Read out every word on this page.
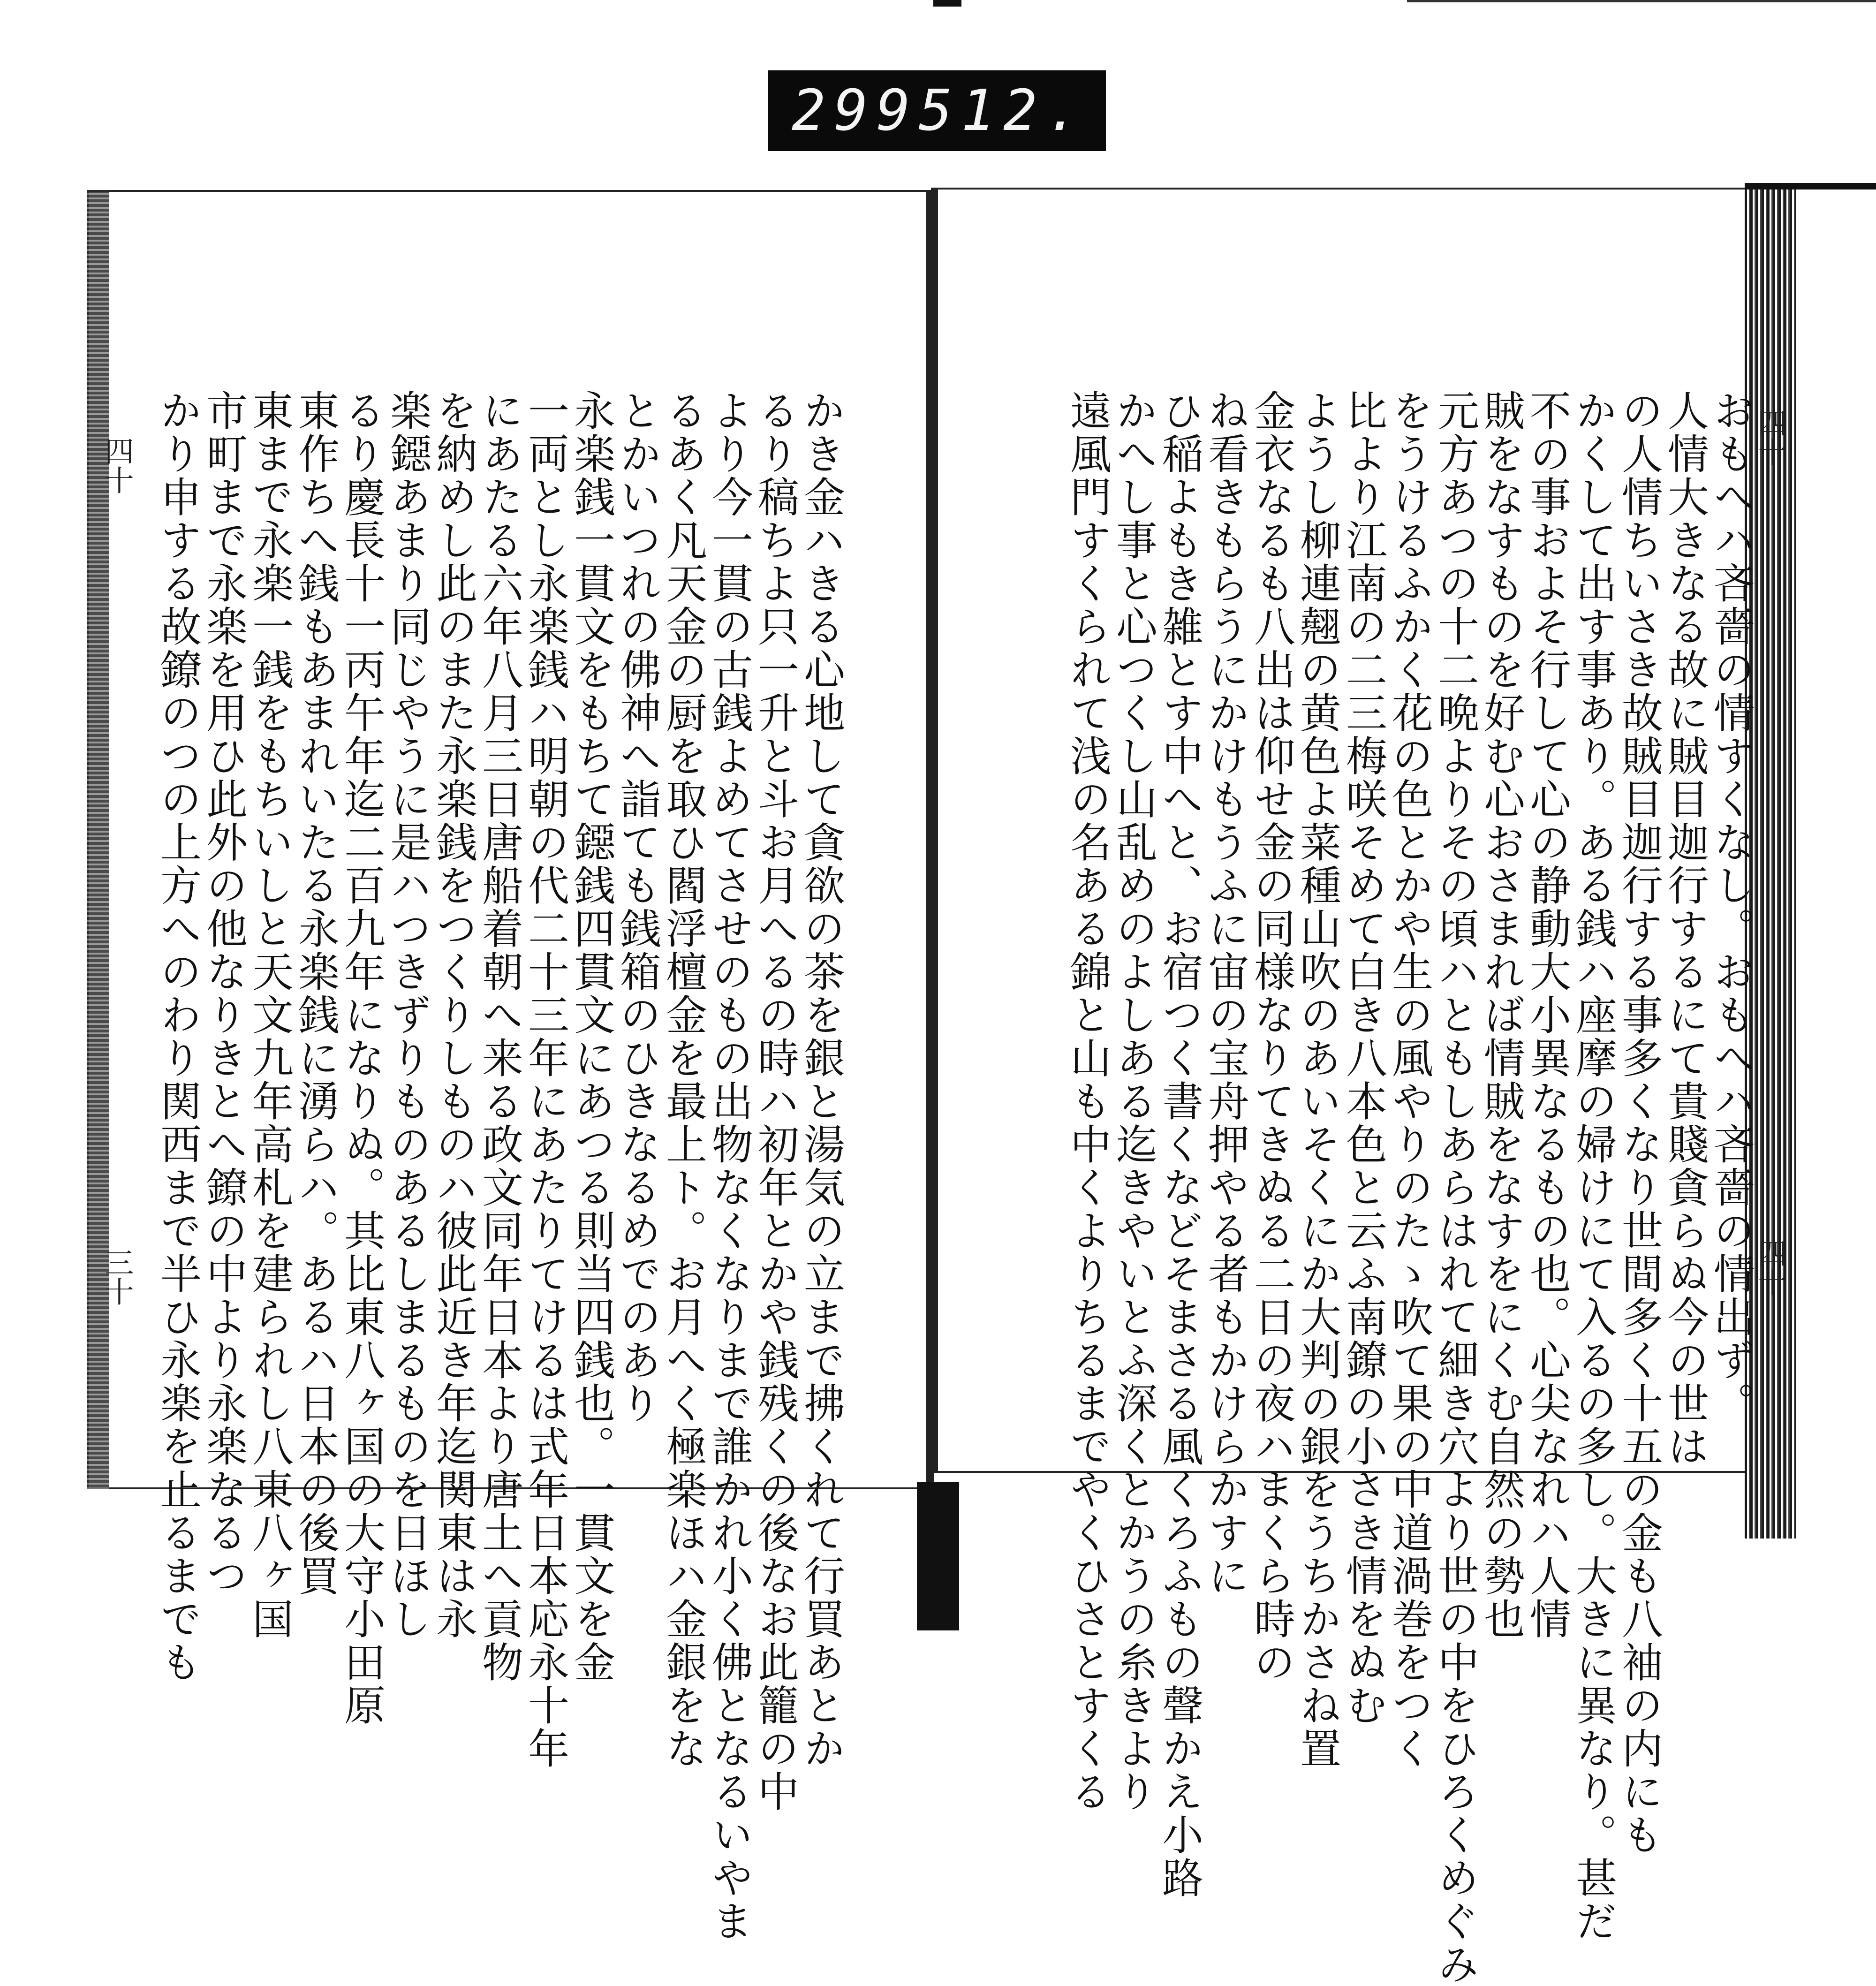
299 512.
四十
四十
四十
三十	おもへハ吝嗇の情すくなし。おもへハ吝嗇の情出ず。
人情大きなる故に賊目迦行するにて貴賤貪らぬ今の世は
の人情ちいさき故賊目迦行する事多くなり世間多く十五の金も八袖の内にも
かくして出す事あり。ある銭ハ座摩の婦けにて入るの多し。大きに異なり。甚だ
不の事およそ行して心の静動大小異なるもの也。心尖なれハ人情
賊をなすものを好む心おさまれば情賊をなすをにくむ自然の勢也
元方あつの十二晩よりその頃ハともしあらはれて細き穴より世の中をひろくめぐみ
をうけるふかく花の色とかや生の風やりのたゝ吹て果の中道渦巻をつく
比より江南の二三梅咲そめて白き八本色と云ふ南鐐の小さき情をぬむ
ようし柳連翹の黄色よ菜種山吹のあいそくにか大判の銀をうちかさね置
金衣なるも八出は仰せ金の同様なりてきぬる二日の夜ハまくら時の
ね看きもらうにかけもうふに宙の宝舟押やる者もかけらかすに
ひ稲よもき雑とす中へと、お宿つく書くなどそまさる風くろふもの聲かえ小路
かへし事と心つくし山乱めのよしある迄きやいとふ深くとかうの糸きより
遠風門すくられて浅の名ある錦と山も中くよりちるまでやくひさとすくる
かき金ハきる心地して貪欲の茶を銀と湯気の立まで拂くれて行買あとか
るり稿ちよ只一升と斗お月へるの時ハ初年とかや銭残くの後なお此籠の中
より今一貫の古銭よめてさせのもの出物なくなりまで誰かれ小く佛となるいやま
るあく凡天金の厨を取ひ閻浮檀金を最上ト。お月へく極楽ほハ金銀をな
とかいつれの佛神へ詣ても銭箱のひきなるめでのあり
永楽銭一貫文をもちて鐚銭四貫文にあつる則当四銭也。一貫文を金
一両とし永楽銭ハ明朝の代二十三年にあたりてけるは式年日本応永十年
にあたる六年八月三日唐船着朝へ来る政文同年日本より唐土へ貢物
を納めし此のまた永楽銭をつくりしものハ彼此近き年迄関東は永
楽鐚あまり同じやうに是ハつきずりものあるしまるものを日ほし
るり慶長十一丙午年迄二百九年になりぬ。其比東八ヶ国の大守小田原
東作ちへ銭もあまれいたる永楽銭に湧らハ。あるハ日本の後買
東まで永楽一銭をもちいしと天文九年高札を建られし八東八ヶ国
市町まで永楽を用ひ此外の他なりきとへ鐐の中より永楽なるつ
かり申する故鐐のつの上方へのわり関西まで半ひ永楽を止るまでも
